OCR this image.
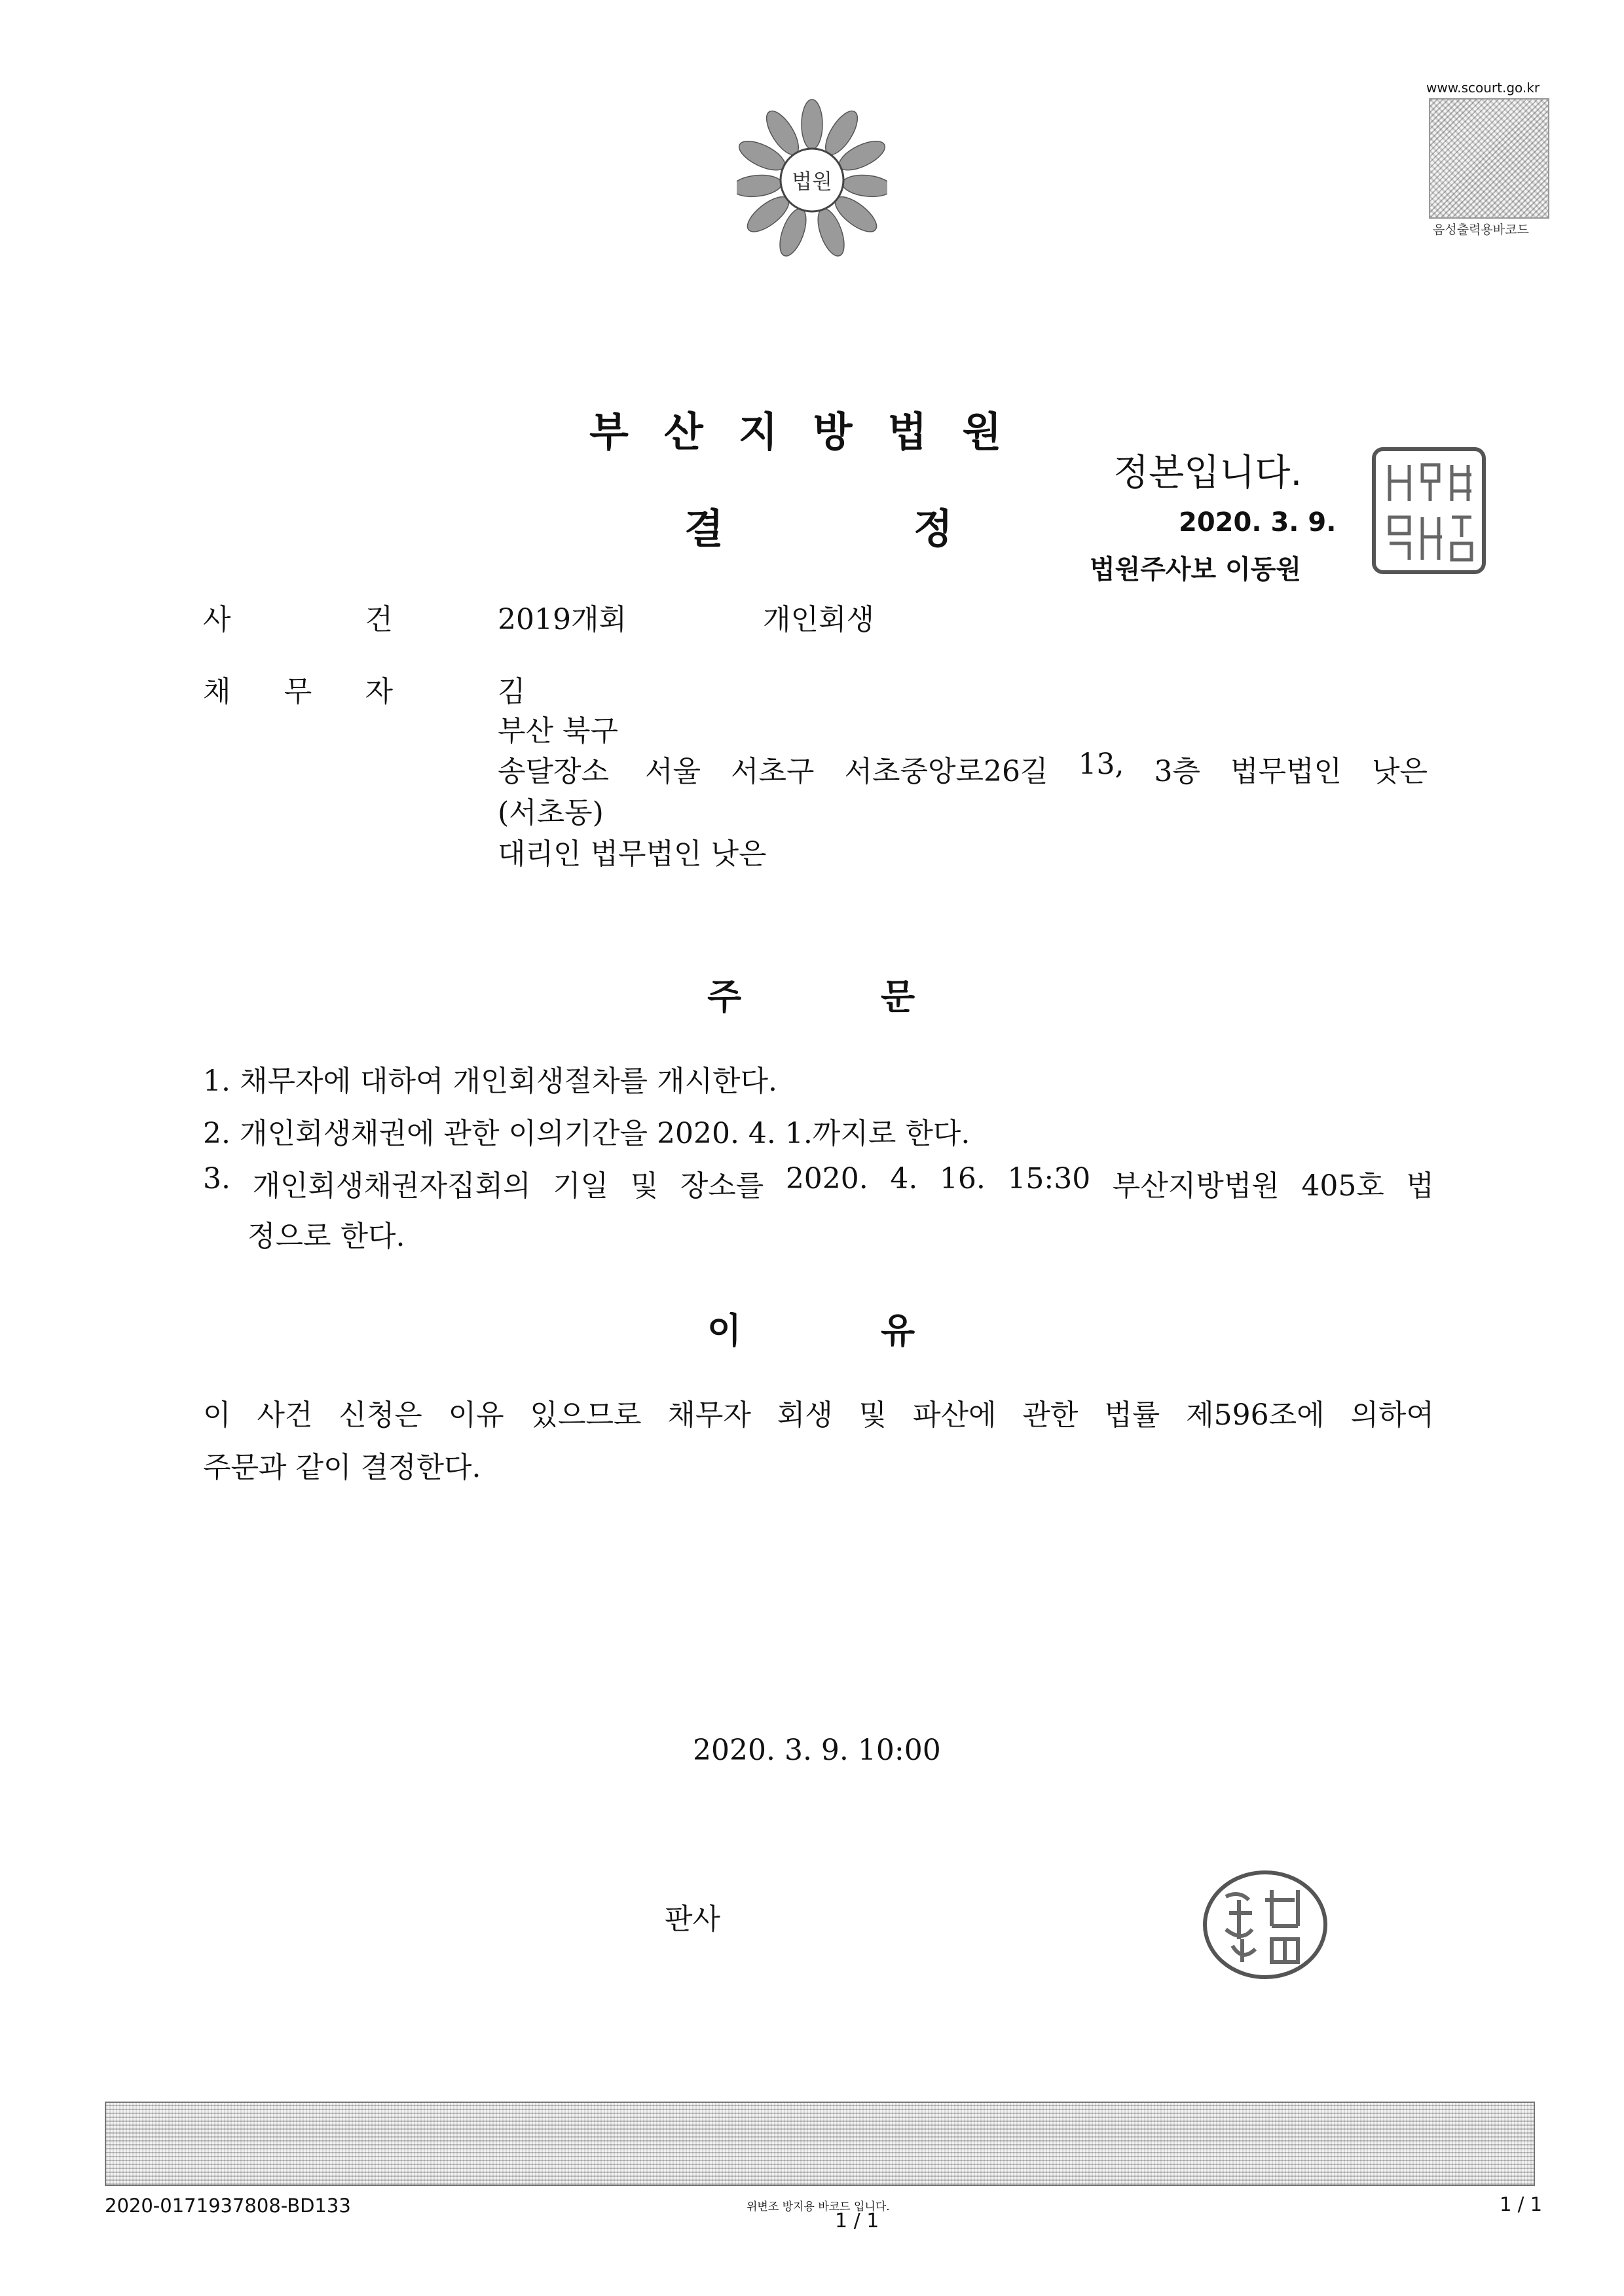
법원
www.scourt.go.kr
음성출력용바코드
부산지방법원
결	정
정본입니다.
2020. 3. 9.
법원주사보 이동원
사	건	2019개회	개인회생
채 무 자	김
부산 북구
송달장소 서울 서초구 서초중앙로26길 13, 3층 법무법인 낫은
(서초동)
대리인 법무법인 낫은
주	문
1. 채무자에 대하여 개인회생절차를 개시한다.
2. 개인회생채권에 관한 이의기간을 2020. 4. 1.까지로 한다.
3. 개인회생채권자집회의 기일 및 장소를 2020. 4. 16. 15:30 부산지방법원 405호 법
정으로 한다.
이	유
이 사건 신청은 이유 있으므로 채무자 회생 및 파산에 관한 법률 제596조에 의하여
주문과 같이 결정한다.
2020. 3. 9. 10:00
판사
2020-0171937808-BD133	위변조 방지용 바코드 입니다.
1 / 1
1 / 1
